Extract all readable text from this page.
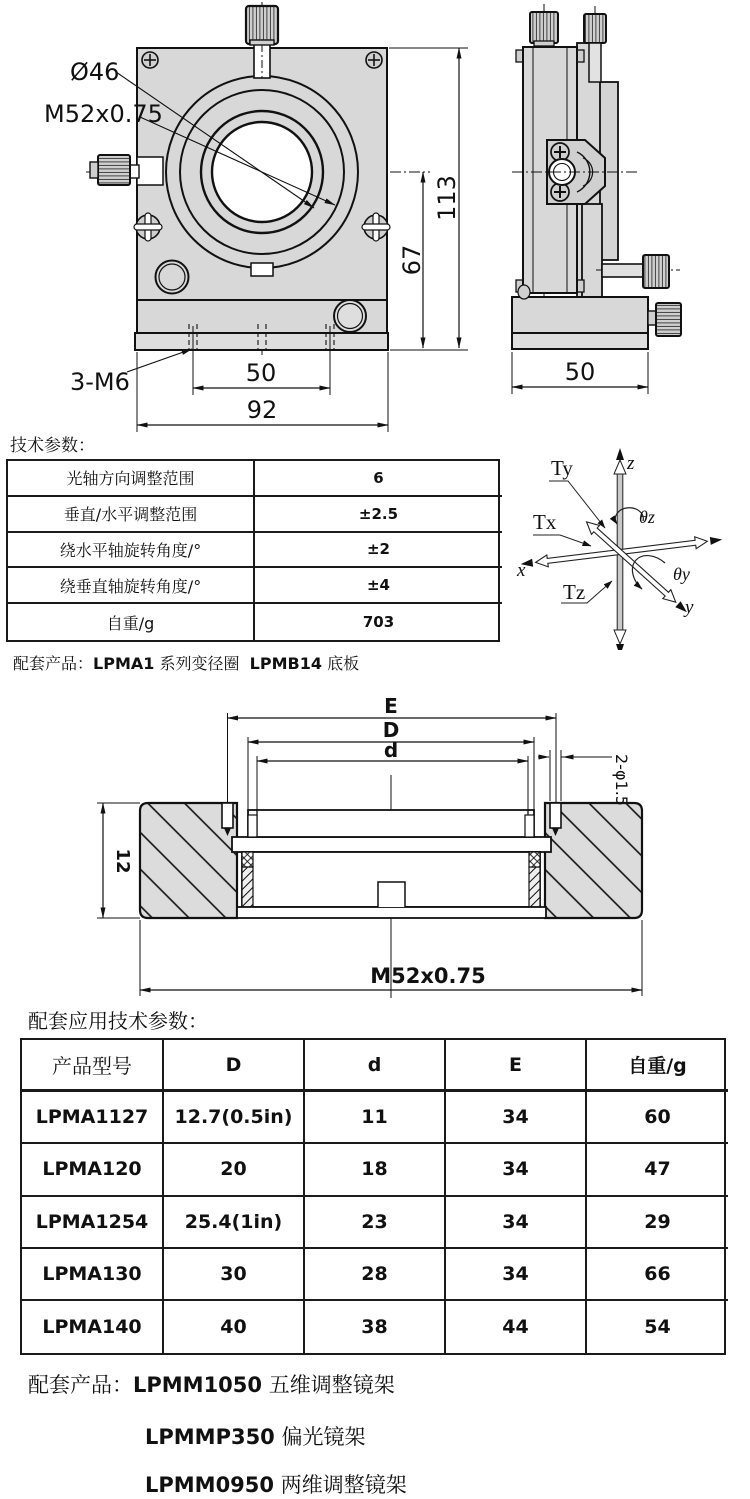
Ø46
M52x0.75
3-M6	50
92
67
113
50
技术参数：
光轴方向调整范围	6
垂直/水平调整范围	±2.5
绕水平轴旋转角度/°	±2
绕垂直轴旋转角度/°	±4
自重/g	703
z
x
y
Tx
Ty
Tz
θz
θy
配套产品：LPMA1 系列变径圈 LPMB14 底板
E
D
d
2-φ1.5
12
M52x0.75
配套应用技术参数：
产品型号	D	d	E	自重/g
LPMA1127	12.7(0.5in)	11	34	60
LPMA120	20	18	34	47
LPMA1254	25.4(1in)	23	34	29
LPMA130	30	28	34	66
LPMA140	40	38	44	54
配套产品：LPMM1050 五维调整镜架
LPMMP350 偏光镜架
LPMM0950 两维调整镜架
